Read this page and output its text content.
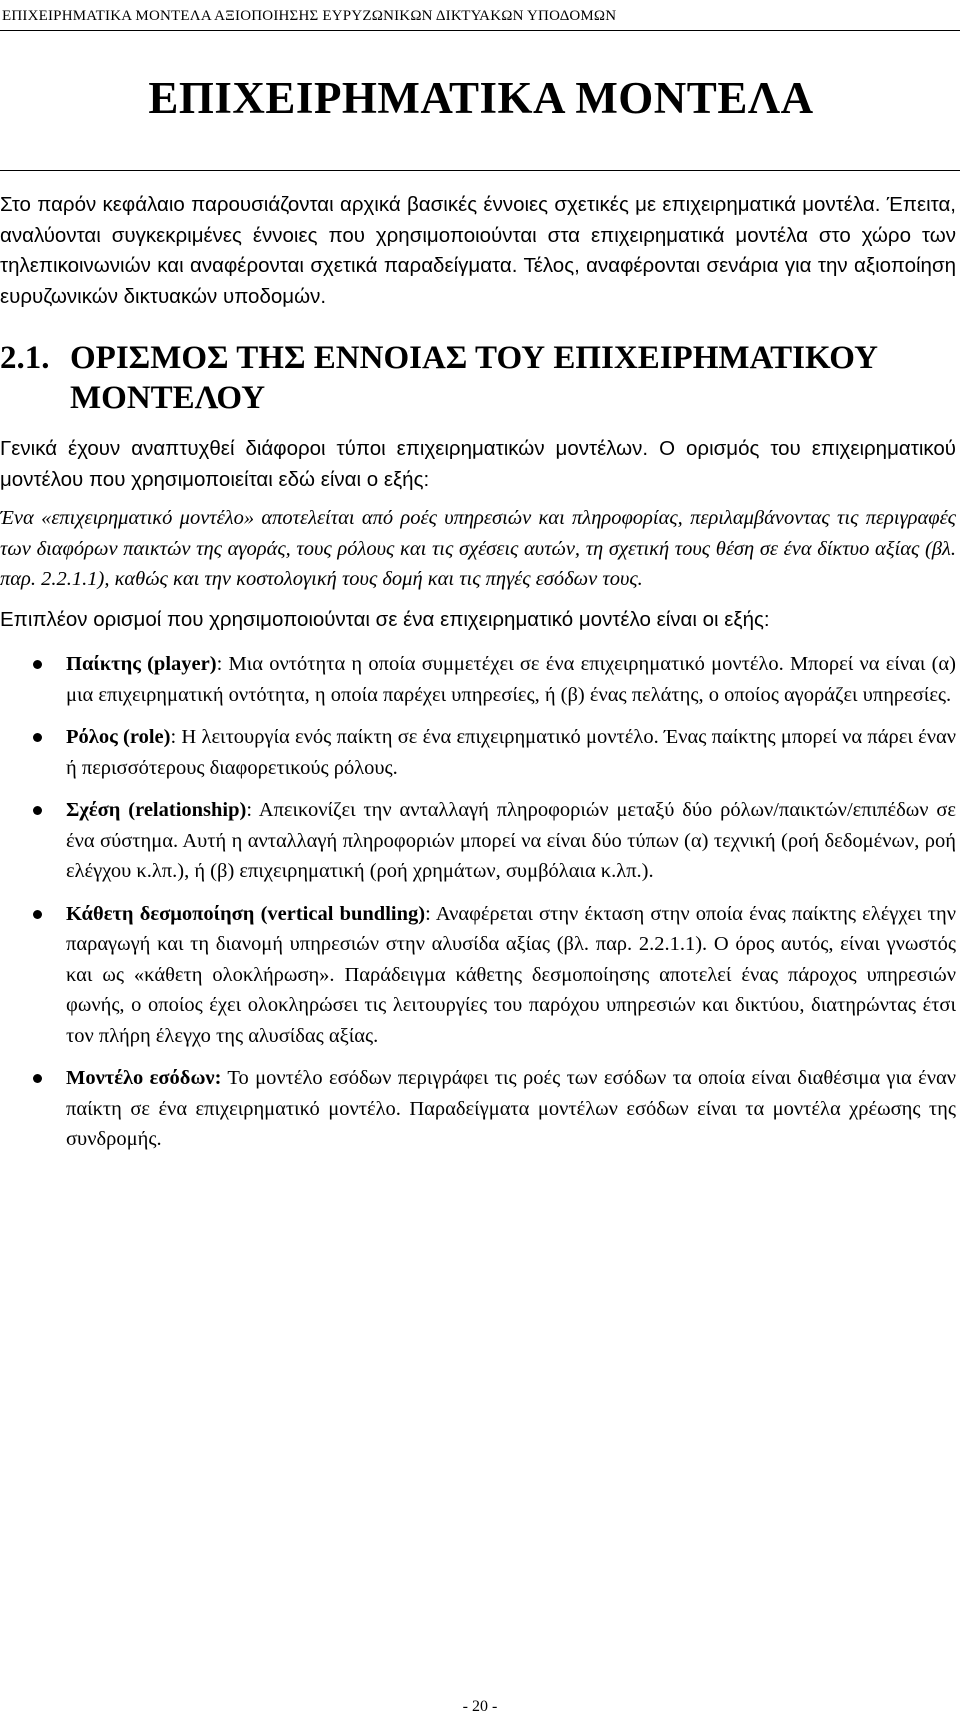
ΕΠΙΧΕΙΡΗΜΑΤΙΚΑ ΜΟΝΤΕΛΑ ΑΞΙΟΠΟΙΗΣΗΣ ΕΥΡΥΖΩΝΙΚΩΝ ΔΙΚΤΥΑΚΩΝ ΥΠΟΔΟΜΩΝ
ΕΠΙΧΕΙΡΗΜΑΤΙΚΑ ΜΟΝΤΕΛΑ

Στο παρόν κεφάλαιο παρουσιάζονται αρχικά βασικές έννοιες σχετικές με επιχειρηματικά μοντέλα. Έπειτα, αναλύονται συγκεκριμένες έννοιες που χρησιμοποιούνται στα επιχειρηματικά μοντέλα στο χώρο των τηλεπικοινωνιών και αναφέρονται σχετικά παραδείγματα. Τέλος, αναφέρονται σενάρια για την αξιοποίηση ευρυζωνικών δικτυακών υποδομών.

2.1. ΟΡΙΣΜΟΣ ΤΗΣ ΕΝΝΟΙΑΣ ΤΟΥ ΕΠΙΧΕΙΡΗΜΑΤΙΚΟΥ ΜΟΝΤΕΛΟΥ

Γενικά έχουν αναπτυχθεί διάφοροι τύποι επιχειρηματικών μοντέλων. Ο ορισμός του επιχειρηματικού μοντέλου που χρησιμοποιείται εδώ είναι ο εξής:

Ένα «επιχειρηματικό μοντέλο» αποτελείται από ροές υπηρεσιών και πληροφορίας, περιλαμβάνοντας τις περιγραφές των διαφόρων παικτών της αγοράς, τους ρόλους και τις σχέσεις αυτών, τη σχετική τους θέση σε ένα δίκτυο αξίας (βλ. παρ. 2.2.1.1), καθώς και την κοστολογική τους δομή και τις πηγές εσόδων τους.

Επιπλέον ορισμοί που χρησιμοποιούνται σε ένα επιχειρηματικό μοντέλο είναι οι εξής:

Παίκτης (player): Μια οντότητα η οποία συμμετέχει σε ένα επιχειρηματικό μοντέλο. Μπορεί να είναι (α) μια επιχειρηματική οντότητα, η οποία παρέχει υπηρεσίες, ή (β) ένας πελάτης, ο οποίος αγοράζει υπηρεσίες.

Ρόλος (role): Η λειτουργία ενός παίκτη σε ένα επιχειρηματικό μοντέλο. Ένας παίκτης μπορεί να πάρει έναν ή περισσότερους διαφορετικούς ρόλους.

Σχέση (relationship): Απεικονίζει την ανταλλαγή πληροφοριών μεταξύ δύο ρόλων/παικτών/επιπέδων σε ένα σύστημα. Αυτή η ανταλλαγή πληροφοριών μπορεί να είναι δύο τύπων (α) τεχνική (ροή δεδομένων, ροή ελέγχου κ.λπ.), ή (β) επιχειρηματική (ροή χρημάτων, συμβόλαια κ.λπ.).

Κάθετη δεσμοποίηση (vertical bundling): Αναφέρεται στην έκταση στην οποία ένας παίκτης ελέγχει την παραγωγή και τη διανομή υπηρεσιών στην αλυσίδα αξίας (βλ. παρ. 2.2.1.1). Ο όρος αυτός, είναι γνωστός και ως «κάθετη ολοκλήρωση». Παράδειγμα κάθετης δεσμοποίησης αποτελεί ένας πάροχος υπηρεσιών φωνής, ο οποίος έχει ολοκληρώσει τις λειτουργίες του παρόχου υπηρεσιών και δικτύου, διατηρώντας έτσι τον πλήρη έλεγχο της αλυσίδας αξίας.

Μοντέλο εσόδων: Το μοντέλο εσόδων περιγράφει τις ροές των εσόδων τα οποία είναι διαθέσιμα για έναν παίκτη σε ένα επιχειρηματικό μοντέλο. Παραδείγματα μοντέλων εσόδων είναι τα μοντέλα χρέωσης της συνδρομής.

- 20 -
